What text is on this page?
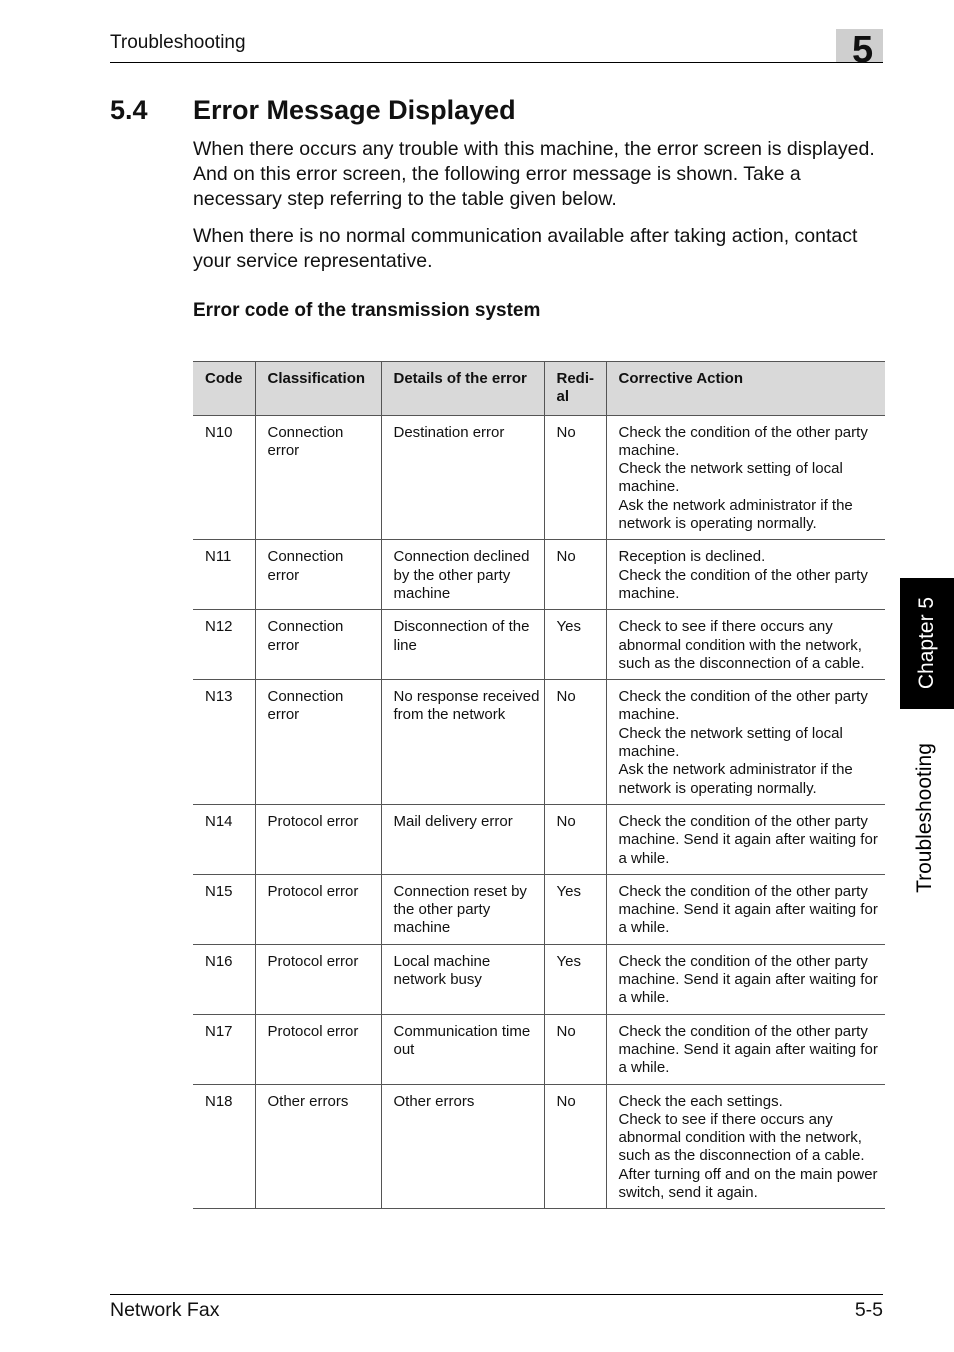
Troubleshooting	5
5.4 Error Message Displayed

When there occurs any trouble with this machine, the error screen is displayed. And on this error screen, the following error message is shown. Take a necessary step referring to the table given below.

When there is no normal communication available after taking action, contact your service representative.

Error code of the transmission system
Code	Classification	Details of the error	Redi-al	Corrective Action
N10	Connection error	Destination error	No	Check the condition of the other party machine.
Check the network setting of local machine.
Ask the network administrator if the network is operating normally.

N11	Connection error	Connection declined by the other party machine	No	Reception is declined.
Check the condition of the other party machine.

N12	Connection error	Disconnection of the line	Yes	Check to see if there occurs any abnormal condition with the network, such as the disconnection of a cable.

N13	Connection error	No response received from the network	No	Check the condition of the other party machine.
Check the network setting of local machine.
Ask the network administrator if the network is operating normally.

N14	Protocol error	Mail delivery error	No	Check the condition of the other party machine. Send it again after waiting for a while.

N15	Protocol error	Connection reset by the other party machine	Yes	Check the condition of the other party machine. Send it again after waiting for a while.

N16	Protocol error	Local machine network busy	Yes	Check the condition of the other party machine. Send it again after waiting for a while.

N17	Protocol error	Communication time out	No	Check the condition of the other party machine. Send it again after waiting for a while.

N18	Other errors	Other errors	No	Check the each settings.
Check to see if there occurs any abnormal condition with the network, such as the disconnection of a cable.
After turning off and on the main power switch, send it again.
Chapter 5
Troubleshooting
Network Fax	5-5
